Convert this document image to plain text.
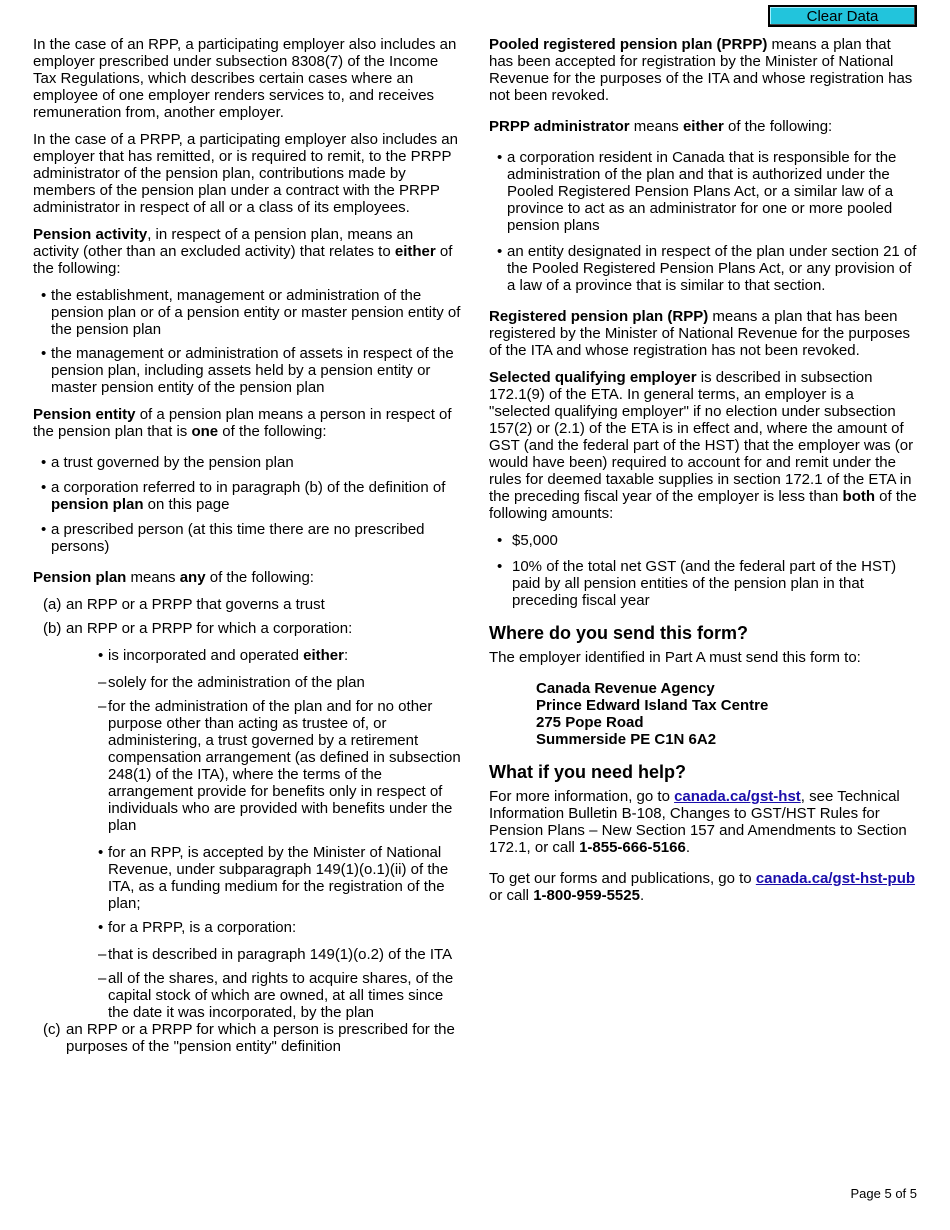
Clear Data

In the case of an RPP, a participating employer also includes an employer prescribed under subsection 8308(7) of the Income Tax Regulations, which describes certain cases where an employee of one employer renders services to, and receives remuneration from, another employer.

In the case of a PRPP, a participating employer also includes an employer that has remitted, or is required to remit, to the PRPP administrator of the pension plan, contributions made by members of the pension plan under a contract with the PRPP administrator in respect of all or a class of its employees.

Pension activity, in respect of a pension plan, means an activity (other than an excluded activity) that relates to either of the following:

• the establishment, management or administration of the pension plan or of a pension entity or master pension entity of the pension plan
• the management or administration of assets in respect of the pension plan, including assets held by a pension entity or master pension entity of the pension plan

Pension entity of a pension plan means a person in respect of the pension plan that is one of the following:

• a trust governed by the pension plan
• a corporation referred to in paragraph (b) of the definition of pension plan on this page
• a prescribed person (at this time there are no prescribed persons)

Pension plan means any of the following:

(a) an RPP or a PRPP that governs a trust
(b) an RPP or a PRPP for which a corporation:
• is incorporated and operated either:
– solely for the administration of the plan
– for the administration of the plan and for no other purpose other than acting as trustee of, or administering, a trust governed by a retirement compensation arrangement (as defined in subsection 248(1) of the ITA), where the terms of the arrangement provide for benefits only in respect of individuals who are provided with benefits under the plan
• for an RPP, is accepted by the Minister of National Revenue, under subparagraph 149(1)(o.1)(ii) of the ITA, as a funding medium for the registration of the plan;
• for a PRPP, is a corporation:
– that is described in paragraph 149(1)(o.2) of the ITA
– all of the shares, and rights to acquire shares, of the capital stock of which are owned, at all times since the date it was incorporated, by the plan
(c) an RPP or a PRPP for which a person is prescribed for the purposes of the "pension entity" definition

Pooled registered pension plan (PRPP) means a plan that has been accepted for registration by the Minister of National Revenue for the purposes of the ITA and whose registration has not been revoked.

PRPP administrator means either of the following:

• a corporation resident in Canada that is responsible for the administration of the plan and that is authorized under the Pooled Registered Pension Plans Act, or a similar law of a province to act as an administrator for one or more pooled pension plans
• an entity designated in respect of the plan under section 21 of the Pooled Registered Pension Plans Act, or any provision of a law of a province that is similar to that section.

Registered pension plan (RPP) means a plan that has been registered by the Minister of National Revenue for the purposes of the ITA and whose registration has not been revoked.

Selected qualifying employer is described in subsection 172.1(9) of the ETA. In general terms, an employer is a "selected qualifying employer" if no election under subsection 157(2) or (2.1) of the ETA is in effect and, where the amount of GST (and the federal part of the HST) that the employer was (or would have been) required to account for and remit under the rules for deemed taxable supplies in section 172.1 of the ETA in the preceding fiscal year of the employer is less than both of the following amounts:

• $5,000
• 10% of the total net GST (and the federal part of the HST) paid by all pension entities of the pension plan in that preceding fiscal year
Where do you send this form?

The employer identified in Part A must send this form to:

Canada Revenue Agency
Prince Edward Island Tax Centre
275 Pope Road
Summerside PE C1N 6A2
What if you need help?

For more information, go to canada.ca/gst-hst, see Technical Information Bulletin B-108, Changes to GST/HST Rules for Pension Plans – New Section 157 and Amendments to Section 172.1, or call 1-855-666-5166.

To get our forms and publications, go to canada.ca/gst-hst-pub or call 1-800-959-5525.

Page 5 of 5
